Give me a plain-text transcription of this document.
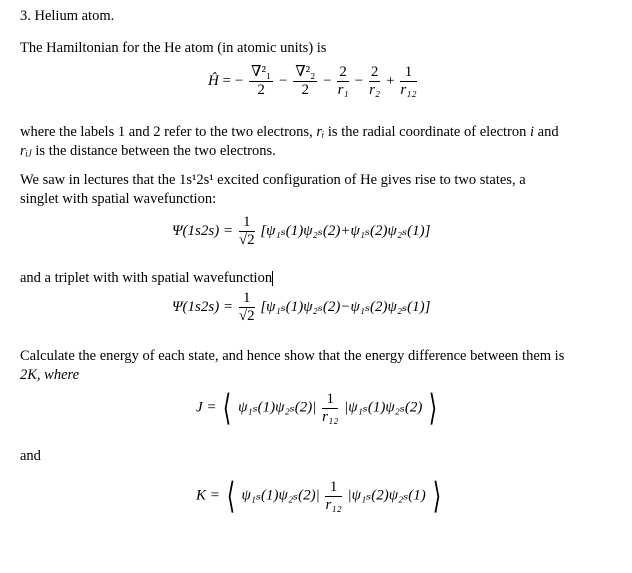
3. Helium atom.
The Hamiltonian for the He atom (in atomic units) is
Ĥ = − $\frac{\text{∇²₁}}{2} - \frac{\text{∇²₂}}{2} - \frac{2}{\text{r₁}} - \frac{2}{\text{r₂}} + \frac{1}{\text{r₁₂}}$
where the labels 1 and 2 refer to the two electrons, rᵢ is the radial coordinate of electron i and
rᵢⱼ is the distance between the two electrons.
We saw in lectures that the 1s¹2s¹ excited configuration of He gives rise to two states, a
singlet with spatial wavefunction:
$\Psi(1s2s) = \frac{1}{√2} [\psi_{1s}(1)\psi_{2s}(2)+\psi_{1s}(2)\psi_{2s}(1)]$
and a triplet with with spatial wavefunction
$\Psi(1s2s) = \frac{1}{√2} [\psi_{1s}(1)\psi_{2s}(2)-\psi_{1s}(2)\psi_{2s}(1)]$
Calculate the energy of each state, and hence show that the energy difference between them is
2K, where
J = ⟨ $\psi_{1s}(1)\psi_{2s}(2)| \frac{1}{\text{r₁₂}} |\psi_{1s}(1)\psi_{2s}(2)$ ⟩
and
K = ⟨ $\psi_{1s}(1)\psi_{2s}(2)| \frac{1}{\text{r₁₂}} |\psi_{1s}(2)\psi_{2s}(1)$ ⟩
